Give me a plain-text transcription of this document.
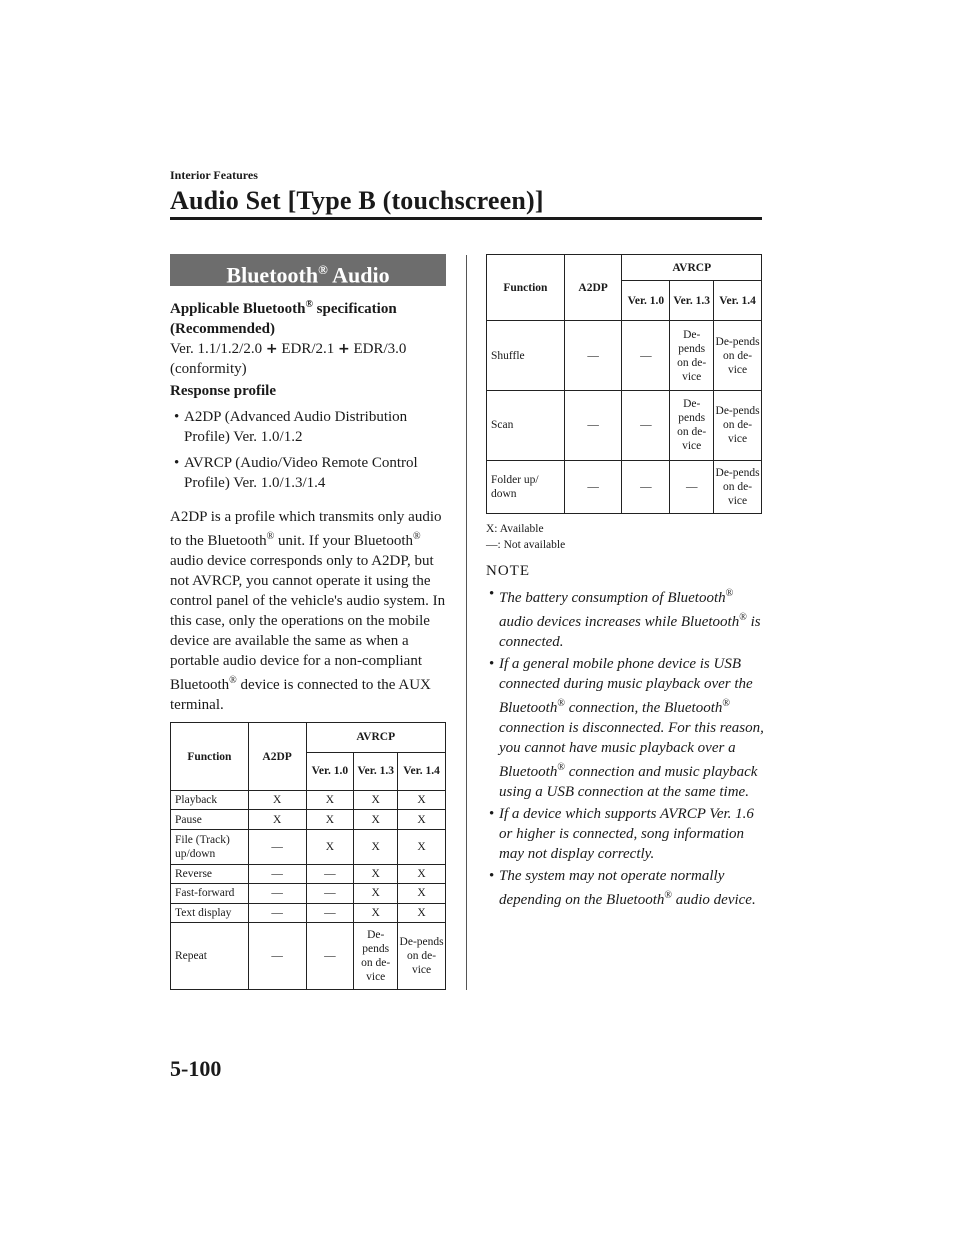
Interior Features
Audio Set [Type B (touchscreen)]
Bluetooth® Audio
Applicable Bluetooth® specification (Recommended)
Ver. 1.1/1.2/2.0 + EDR/2.1 + EDR/3.0 (conformity)
Response profile
• A2DP (Advanced Audio Distribution Profile) Ver. 1.0/1.2
• AVRCP (Audio/Video Remote Control Profile) Ver. 1.0/1.3/1.4
A2DP is a profile which transmits only audio to the Bluetooth® unit. If your Bluetooth® audio device corresponds only to A2DP, but not AVRCP, you cannot operate it using the control panel of the vehicle's audio system. In this case, only the operations on the mobile device are available the same as when a portable audio device for a non-compliant Bluetooth® device is connected to the AUX terminal.
Function	A2DP	AVRCP		
		Ver. 1.0	Ver. 1.3	Ver. 1.4
Playback	X	X	X	X
Pause	X	X	X	X
File (Track) up/down	—	X	X	X
Reverse	—	—	X	X
Fast-forward	—	—	X	X
Text display	—	—	X	X
Repeat	—	—	De-pends on de-vice	De-pends on de-vice
Function	A2DP	AVRCP		
		Ver. 1.0	Ver. 1.3	Ver. 1.4
Shuffle	—	—	De-pends on de-vice	De-pends on de-vice
Scan	—	—	De-pends on de-vice	De-pends on de-vice
Folder up/ down	—	—	—	De-pends on de-vice
X: Available
—: Not available
NOTE
• The battery consumption of Bluetooth® audio devices increases while Bluetooth® is connected.
• If a general mobile phone device is USB connected during music playback over the Bluetooth® connection, the Bluetooth® connection is disconnected. For this reason, you cannot have music playback over a Bluetooth® connection and music playback using a USB connection at the same time.
• If a device which supports AVRCP Ver. 1.6 or higher is connected, song information may not display correctly.
• The system may not operate normally depending on the Bluetooth® audio device.
5-100
